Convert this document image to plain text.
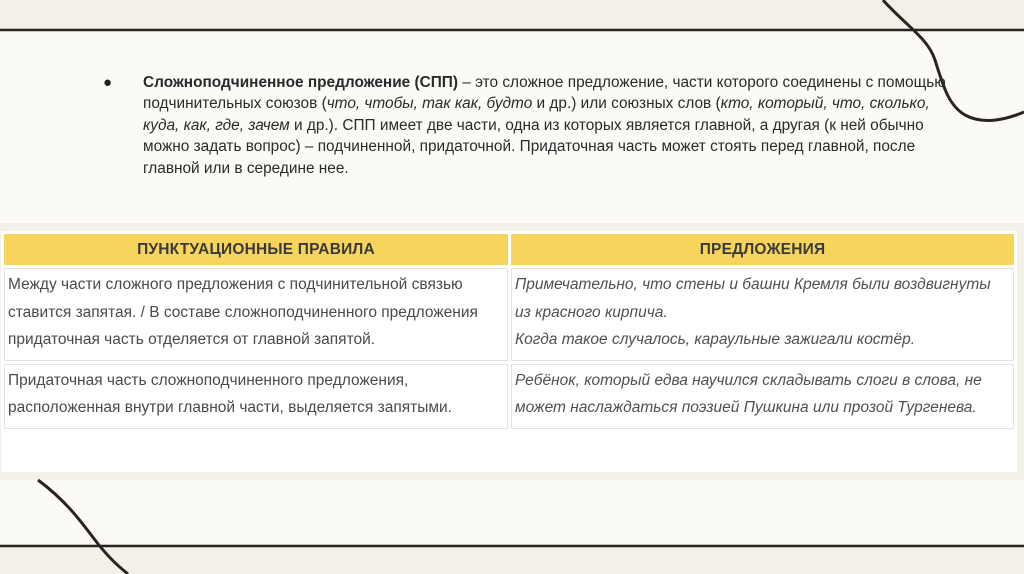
● Сложноподчиненное предложение (СПП) – это сложное предложение, части которого соединены с помощью подчинительных союзов (что, чтобы, так как, будто и др.) или союзных слов (кто, который, что, сколько, куда, как, где, зачем и др.). СПП имеет две части, одна из которых является главной, а другая (к ней обычно можно задать вопрос) – подчиненной, придаточной. Придаточная часть может стоять перед главной, после главной или в середине нее.

ПУНКТУАЦИОННЫЕ ПРАВИЛА	ПРЕДЛОЖЕНИЯ
Между части сложного предложения с подчинительной связью ставится запятая. / В составе сложноподчиненного предложения придаточная часть отделяется от главной запятой.	Примечательно, что стены и башни Кремля были воздвигнуты из красного кирпича.
Когда такое случалось, караульные зажигали костёр.

Придаточная часть сложноподчиненного предложения, расположенная внутри главной части, выделяется запятыми.	Ребёнок, который едва научился складывать слоги в слова, не может наслаждаться поэзией Пушкина или прозой Тургенева.
